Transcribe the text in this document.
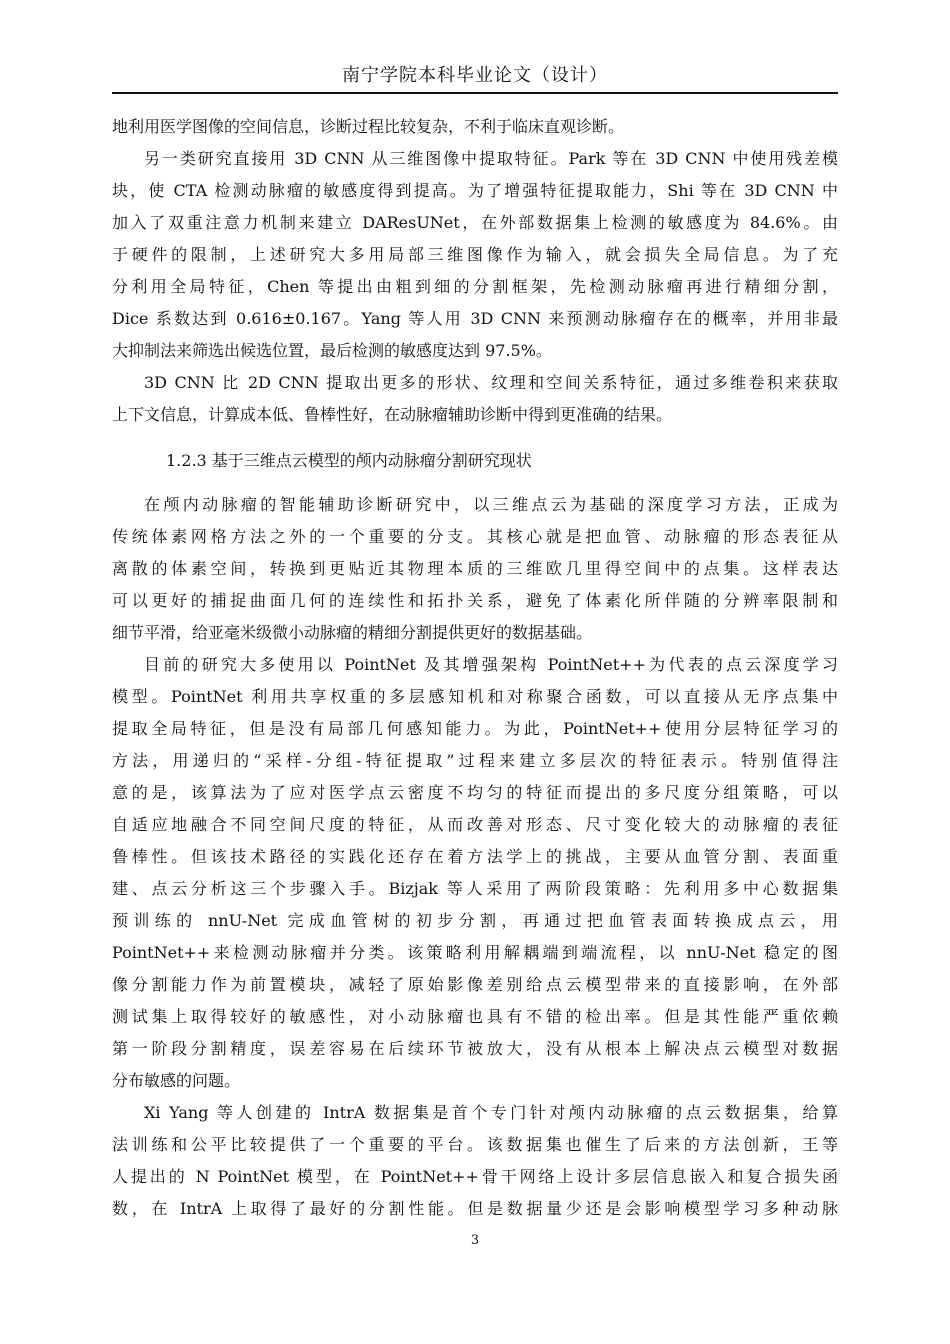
南宁学院本科毕业论文（设计）
地利用医学图像的空间信息，诊断过程比较复杂，不利于临床直观诊断。
另一类研究直接用 3D CNN 从三维图像中提取特征。Park 等在 3D CNN 中使用残差模
块，使 CTA 检测动脉瘤的敏感度得到提高。为了增强特征提取能力，Shi 等在 3D CNN 中
加入了双重注意力机制来建立 DAResUNet，在外部数据集上检测的敏感度为 84.6%。由
于硬件的限制，上述研究大多用局部三维图像作为输入，就会损失全局信息。为了充
分利用全局特征，Chen 等提出由粗到细的分割框架，先检测动脉瘤再进行精细分割，
Dice 系数达到 0.616±0.167。Yang 等人用 3D CNN 来预测动脉瘤存在的概率，并用非最
大抑制法来筛选出候选位置，最后检测的敏感度达到 97.5%。
3D CNN 比 2D CNN 提取出更多的形状、纹理和空间关系特征，通过多维卷积来获取
上下文信息，计算成本低、鲁棒性好，在动脉瘤辅助诊断中得到更准确的结果。
1.2.3 基于三维点云模型的颅内动脉瘤分割研究现状
在颅内动脉瘤的智能辅助诊断研究中，以三维点云为基础的深度学习方法，正成为
传统体素网格方法之外的一个重要的分支。其核心就是把血管、动脉瘤的形态表征从
离散的体素空间，转换到更贴近其物理本质的三维欧几里得空间中的点集。这样表达
可以更好的捕捉曲面几何的连续性和拓扑关系，避免了体素化所伴随的分辨率限制和
细节平滑，给亚毫米级微小动脉瘤的精细分割提供更好的数据基础。
目前的研究大多使用以 PointNet 及其增强架构 PointNet++为代表的点云深度学习
模型。PointNet 利用共享权重的多层感知机和对称聚合函数，可以直接从无序点集中
提取全局特征，但是没有局部几何感知能力。为此，PointNet++使用分层特征学习的
方法，用递归的“采样-分组-特征提取”过程来建立多层次的特征表示。特别值得注
意的是，该算法为了应对医学点云密度不均匀的特征而提出的多尺度分组策略，可以
自适应地融合不同空间尺度的特征，从而改善对形态、尺寸变化较大的动脉瘤的表征
鲁棒性。但该技术路径的实践化还存在着方法学上的挑战，主要从血管分割、表面重
建、点云分析这三个步骤入手。Bizjak 等人采用了两阶段策略：先利用多中心数据集
预训练的 nnU-Net 完成血管树的初步分割，再通过把血管表面转换成点云，用
PointNet++来检测动脉瘤并分类。该策略利用解耦端到端流程，以 nnU-Net 稳定的图
像分割能力作为前置模块，减轻了原始影像差别给点云模型带来的直接影响，在外部
测试集上取得较好的敏感性，对小动脉瘤也具有不错的检出率。但是其性能严重依赖
第一阶段分割精度，误差容易在后续环节被放大，没有从根本上解决点云模型对数据
分布敏感的问题。
Xi Yang 等人创建的 IntrA 数据集是首个专门针对颅内动脉瘤的点云数据集，给算
法训练和公平比较提供了一个重要的平台。该数据集也催生了后来的方法创新，王等
人提出的 N PointNet 模型，在 PointNet++骨干网络上设计多层信息嵌入和复合损失函
数，在 IntrA 上取得了最好的分割性能。但是数据量少还是会影响模型学习多种动脉
3
